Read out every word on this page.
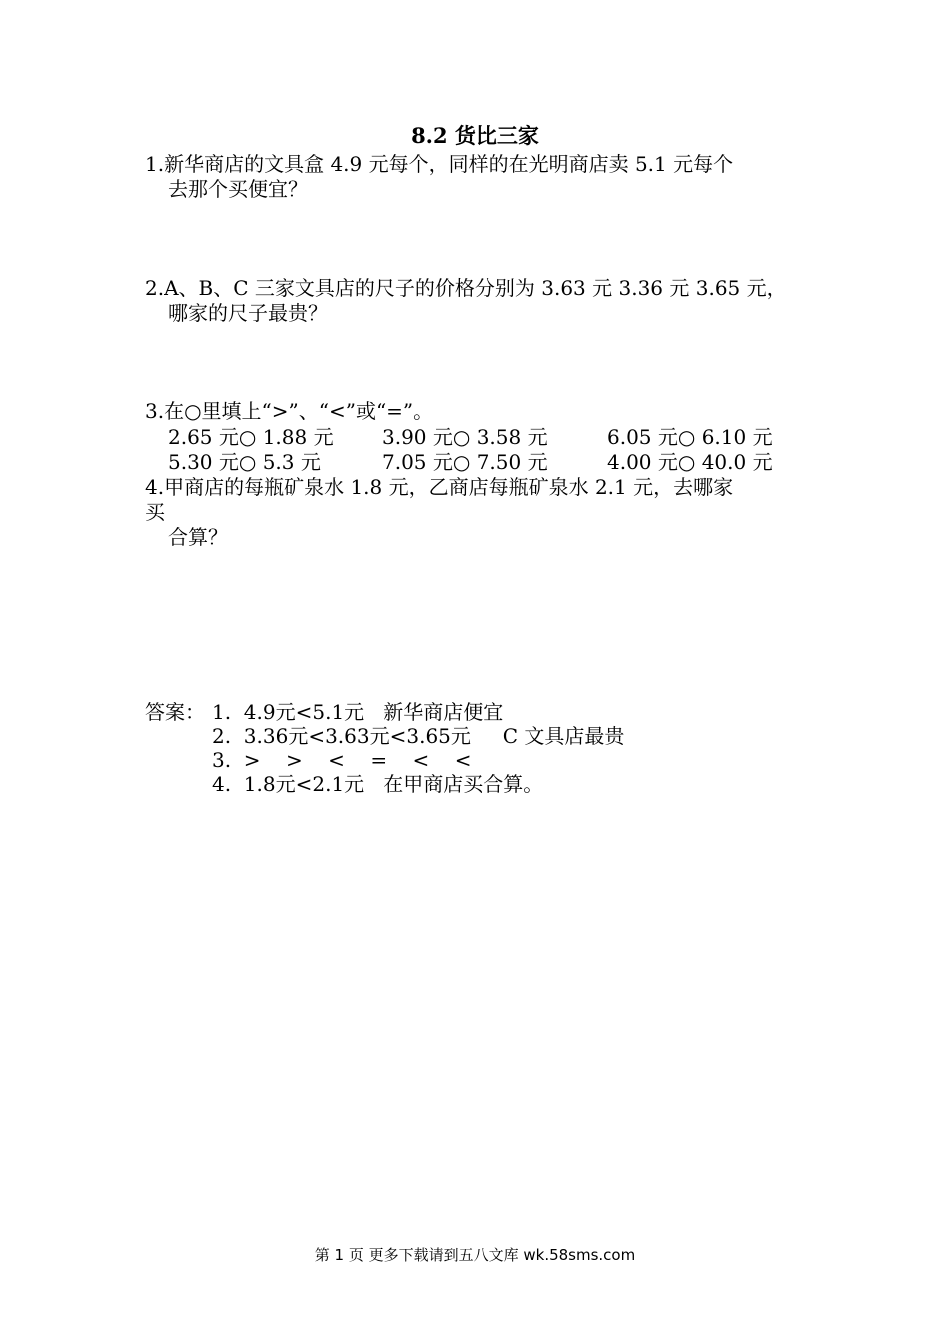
8.2 货比三家
1.新华商店的文具盒 4.9 元每个，同样的在光明商店卖 5.1 元每个
去那个买便宜？
2.A、B、C 三家文具店的尺子的价格分别为 3.63 元 3.36 元 3.65 元，
哪家的尺子最贵？
3.在○里填上“>”、“<”或“=”。
2.65 元○ 1.88 元 3.90 元○ 3.58 元	6.05 元○ 6.10 元
5.30 元○ 5.3 元	7.05 元○ 7.50 元	4.00 元○ 40.0 元
4.甲商店的每瓶矿泉水 1.8 元，乙商店每瓶矿泉水 2.1 元，去哪家
买
合算？
答案： 1.  4.9元<5.1元   新华商店便宜
2.  3.36元<3.63元<3.65元     C 文具店最贵
3.  >    >    <    =    <    <
4.  1.8元<2.1元   在甲商店买合算。
第 1 页 更多下载请到五八文库 wk.58sms.com
